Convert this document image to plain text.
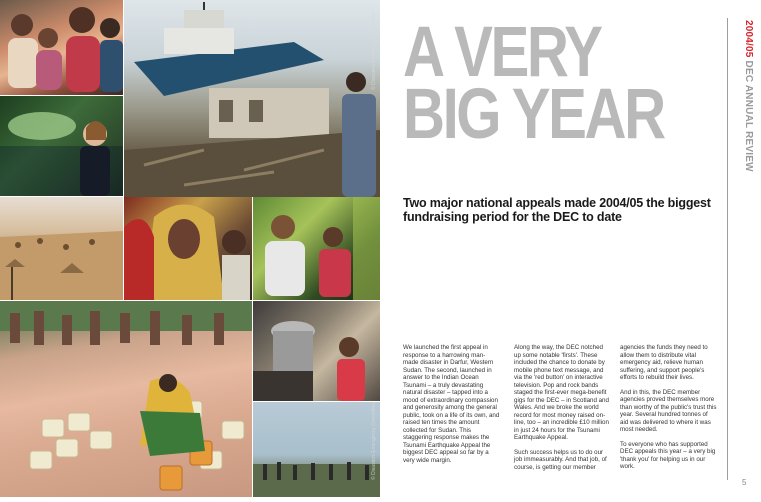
© Disasters Emergency Committee
© Disasters Emergency Committee
A VERY
BIG YEAR
2004/05 DEC ANNUAL REVIEW
Two major national appeals made 2004/05 the biggest fundraising period for the DEC to date

We launched the first appeal in response to a harrowing man-made disaster in Darfur, Western Sudan. The second, launched in answer to the Indian Ocean Tsunami – a truly devastating natural disaster – tapped into a mood of extraordinary compassion and generosity among the general public, took on a life of its own, and raised ten times the amount collected for Sudan. This staggering response makes the Tsunami Earthquake Appeal the biggest DEC appeal so far by a very wide margin.

Along the way, the DEC notched up some notable 'firsts'. These included the chance to donate by mobile phone text message, and via the 'red button' on interactive television. Pop and rock bands staged the first-ever mega-benefit gigs for the DEC – in Scotland and Wales. And we broke the world record for most money raised on-line, too – an incredible £10 million in just 24 hours for the Tsunami Earthquake Appeal.

Such success helps us to do our job immeasurably. And that job, of course, is getting our member

agencies the funds they need to allow them to distribute vital emergency aid, relieve human suffering, and support people's efforts to rebuild their lives.

And in this, the DEC member agencies proved themselves more than worthy of the public's trust this year. Several hundred tonnes of aid was delivered to where it was most needed.

To everyone who has supported DEC appeals this year – a very big 'thank you' for helping us in our work.

5
